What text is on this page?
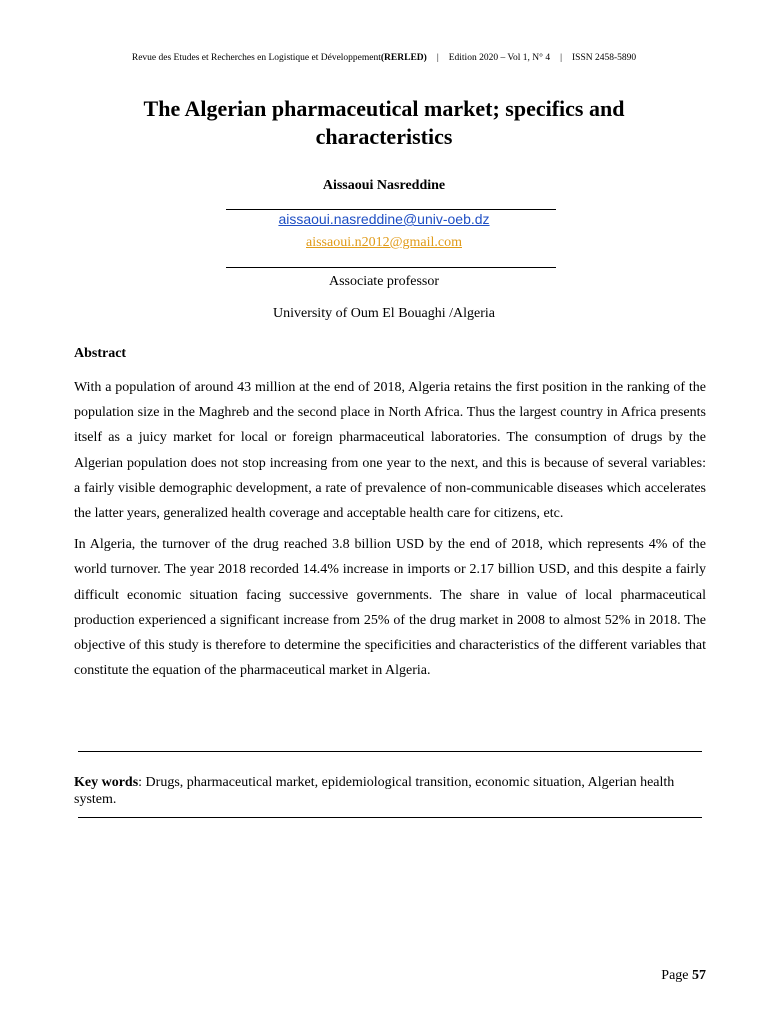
Revue des Etudes et Recherches en Logistique et Développement(RERLED) | Edition 2020 – Vol 1, N° 4 | ISSN 2458-5890
The Algerian pharmaceutical market; specifics and characteristics
Aissaoui Nasreddine
aissaoui.nasreddine@univ-oeb.dz
aissaoui.n2012@gmail.com
Associate professor
University of Oum El Bouaghi /Algeria
Abstract

With a population of around 43 million at the end of 2018, Algeria retains the first position in the ranking of the population size in the Maghreb and the second place in North Africa. Thus the largest country in Africa presents itself as a juicy market for local or foreign pharmaceutical laboratories. The consumption of drugs by the Algerian population does not stop increasing from one year to the next, and this is because of several variables: a fairly visible demographic development, a rate of prevalence of non-communicable diseases which accelerates the latter years, generalized health coverage and acceptable health care for citizens, etc.

In Algeria, the turnover of the drug reached 3.8 billion USD by the end of 2018, which represents 4% of the world turnover. The year 2018 recorded 14.4% increase in imports or 2.17 billion USD, and this despite a fairly difficult economic situation facing successive governments. The share in value of local pharmaceutical production experienced a significant increase from 25% of the drug market in 2008 to almost 52% in 2018. The objective of this study is therefore to determine the specificities and characteristics of the different variables that constitute the equation of the pharmaceutical market in Algeria.

Key words: Drugs, pharmaceutical market, epidemiological transition, economic situation, Algerian health system.
Page 57
